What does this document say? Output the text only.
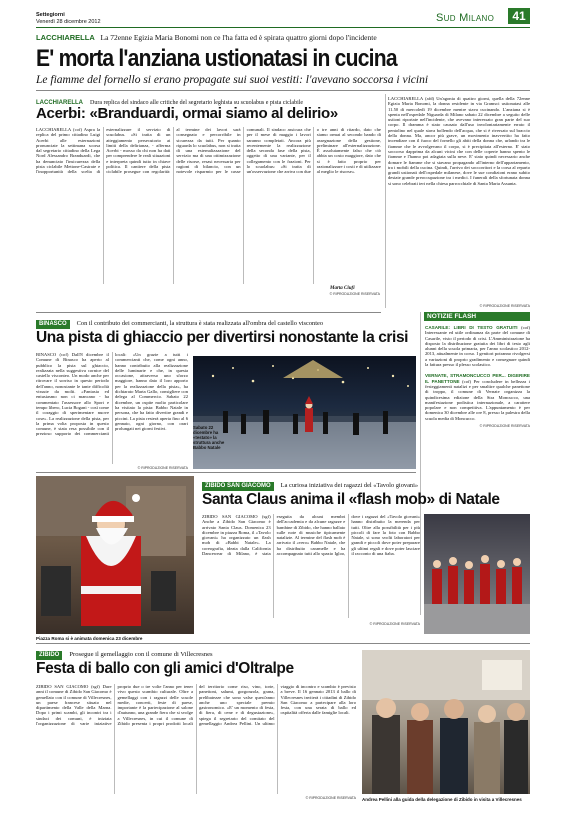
Settegiorni
Venerdì 28 dicembre 2012	Sud Milano	41
LACCHIARELLA La 72enne Egizia Maria Bonomi non ce l'ha fatta ed è spirata quattro giorni dopo l'incidente
E' morta l'anziana ustionatasi in cucina
Le fiamme del fornello si erano propagate sui suoi vestiti: l'avevano soccorsa i vicini
LACCHIARELLA Dura replica del sindaco alle critiche del segretario leghista su scuolabus e pista ciclabile
Acerbi: «Branduardi, ormai siamo al delirio»
LACCHIARELLA (cof) Aspra la replica del primo cittadino Luigi Acerbi alle esternazioni pronunciate la settimana scorsa dal segretario cittadino della Lega Nord Alessandro Branduardi, che ha denunciato l'insicurezza della pista ciclabile Mettone-Casirate e l'inopportunità della scelta di esternalizzare il servizio di scuolabus. «Si tratta di un atteggiamento persecutorio ai limiti della delirianza, - afferma Acerbi - mosso da chi non ha dati per comprendere le reali situazioni e interpreta quindi tutto in chiave politica. Il cantiere della pista ciclabile prosegue con regolarità: al termine dei lavori sarà consegnato e percorribile in sicurezza da tutti. Per quanto riguarda lo scuolabus, non si tratta di una esternalizzazione del servizio ma di una ottimizzazione delle risorse, resasi necessaria per ragioni di bilancio, con un notevole risparmio per le casse comunali. Il sindaco assicura che per il mese di maggio i lavori saranno completati. Ancora più recentemente la realizzazione della seconda fase della pista, oggetto di una variante, per il collegamento con le frazioni. Per lo scuolabus: «Si tratta di un'osservazione che arriva con due o tre anni di ritardo, dato che siamo ormai al secondo bando di assegnazione della gestione, preliminare all'esternalizzazione. È assolutamente falso che ciò abbia un costo maggiore, dato che si è fatto proprio per razionalizzare i costi e di utilizzare al meglio le risorse».
Marta Ciufi
© RIPRODUZIONE RISERVATA
LACCHIARELLA (afd) Un'agonia di quattro giorni, quella della 72enne Egizia Maria Bonomi, la donna residente in via Gramsci ustionatasi alle 11.50 di mercoledì 19 dicembre mentre stava cucinando. L'anziana si è spenta nell'ospedale Niguarda di Milano sabato 22 dicembre a seguito delle ustioni riportate nell'incidente, che avevano interessato gran parte del suo corpo. Il dramma è stato causato dall'uso involontariamente errato il pentolino nel quale stava bollendo dell'acqua, che si è riversato sul braccio della donna. Ma, ancor più grave, un movimento inavvertito ha fatto incendiare con il fuoco del fornello gli abiti della donna che, urlando tra le fiamme che le avvolgevano il corpo, si è precipitata all'esterno. E' stato soccorso dapprima da alcuni vicini che con delle coperte hanno spento le fiamme e l'hanno poi adagiata sulla neve. E' stato quindi necessario anche domare le fiamme che si stavano propagando all'interno dell'appartamento, tra i mobili della cucina. Quindi, l'arrivo dei soccorritori e la corsa al reparto grandi ustionati dell'ospedale milanese, dove le sue condizioni erano subito destate grande preoccupazione tra i medici. I funerali della sfortunata donna si sono celebrati ieri nella chiesa parrocchiale di Santa Maria Assunta.
© RIPRODUZIONE RISERVATA
NOTIZIE FLASH
CASARILE: LIBRI DI TESTO GRATUITI (cof) Interessante ed utile ordinanza da parte del comune di Casarile, visto il periodo di crisi. L'Amministrazione ha disposto la distribuzione gratuita dei libri di testo agli alunni della scuola primaria, per l'anno scolastico 2012-2013, attualmente in corso. I genitori potranno rivolgersi a variazioni di proprio gradimento e consegnare quindi la fattura presso il plesso scolastico.
VERNATE, STRAMONCUCCO PER... DIGERIRE IL PANETTONE (cof) Per concludere in bellezza i festeggiamenti natalizi e per smaltire qualche panettone di troppo, il comune di Vernate organizza la quindicesima edizione della Stra Moncucco, una manifestazione podistica internazionale, a carattere popolare e non competitiva. L'appuntamento è per domenica 30 dicembre alle ore 8, presso la palestra della scuola media di Moncucco.
© RIPRODUZIONE RISERVATA
BINASCO Con il contributo dei commercianti, la struttura è stata realizzata all'ombra del castello visconteo
Una pista di ghiaccio per divertirsi nonostante la crisi
BINASCO (cof) Dall'8 dicembre il Comune di Binasco ha aperto al pubblico la pista sul ghiaccio, realizzata nella suggestiva cornice del castello visconteo. Un modo anche per ritrovare il sorriso in questo periodo dell'anno, nonostante le tante difficoltà vissute da molti. «Fantasia ed entusiasmo non ci mancano - ha commentato l'assessore allo Sport e tempo libero, Lucia Bogani - così come il coraggio di sperimentare nuove cose». La realizzazione della pista, per la prima volta proposta in questo comune, è stata resa possibile con il prezioso supporto dei commercianti locali: «Un grazie a tutti i commercianti che, come ogni anno, hanno contribuito alla realizzazione delle luminarie e che, in questa occasione, attraverso uno sforzo maggiore, hanno dato il loro apporto per la realizzazione della pista», ha dichiarato Marta Gallo, consigliere con delega al Commercio. Sabato 22 dicembre, un ospite molto particolare ha visitato la pista: Babbo Natale in persona, che ha fatto divertire grandi e piccini. La pista resterà aperta fino al 6 gennaio, ogni giorno, con orari prolungati nei giorni festivi.
© RIPRODUZIONE RISERVATA
Sabato 22 dicembre ha «testato» la struttura anche Babbo Natale
ZIBIDO SAN GIACOMO La curiosa iniziativa dei ragazzi del «Tavolo giovani»
Santa Claus anima il «flash mob» di Natale
ZIBIDO SAN GIACOMO (sgf) Anche a Zibido San Giacomo è arrivato Santa Claus. Domenica 23 dicembre in piazza Roma, il «Tavolo giovani» ha organizzato un flash mob di «Babbi Natale». La coreografia, ideata dalla California Dancewear di Milano, è stata eseguita da alcuni membri dell'accademia e da alcune ragazze e bambine di Zibido, che hanno ballato sulle note di musiche tipicamente natalizie. Al termine del flash mob è arrivato il «vero» Babbo Natale, che ha distribuito caramelle e ha accompagnato tutti allo spazio Igloo, dove i ragazzi del «Tavolo giovani» hanno distribuito la merenda per tutti. Oltre alla possibilità per i più piccoli di fare la foto con Babbo Natale, si sono svolti laboratori per grandi e piccoli dove poter preparare gli ultimi regali e dove poter lasciare il racconto di una fiaba.
© RIPRODUZIONE RISERVATA
Piazza Roma si è animata domenica 23 dicembre
ZIBIDO Prosegue il gemellaggio con il comune di Villecresnes
Festa di ballo con gli amici d'Oltralpe
ZIBIDO SAN GIACOMO (sgf) Dare anni il comune di Zibido San Giacomo è gemellato con il comune di Villecresnes, un paese francese situato nel dipartimento della Valle della Marna. Dopo i primi scambi, gli incontri tra i sindaci dei comuni, è iniziata l'organizzazione di varie iniziative proprio due o tre volte l'anno per tener vivo questo scambio culturale. Oltre a gemellaggi con i ragazzi delle scuole medie, concerti, feste di paese, importante è la partecipazione al salone d'autunno, una grande fiera che si svolge a Villecresnes, in cui il comune di Zibido presenta i propri prodotti locali del territorio come riso, vino, torte, panettoni, salumi, gorgonzola, grana, prelibatezze che sono valse quest'anno anche uno speciale premio gastronomico. «E' un momento di festa, di fiera, di cene e di degustazione», spiega il segretario del comitato del gemellaggio Andrea Pellini. Un ultimo viaggio di incontro e scambio è previsto a breve. Il 16 gennaio 2013 il ballo di Villecresnes inviterà i cittadini di Zibido San Giacomo a partecipare alla loro festa, con una serata di ballo ed ospitalità offerta dalle famiglie locali.
© RIPRODUZIONE RISERVATA Andrea Pellini alla guida della delegazione di Zibido in visita a Villecresnes
